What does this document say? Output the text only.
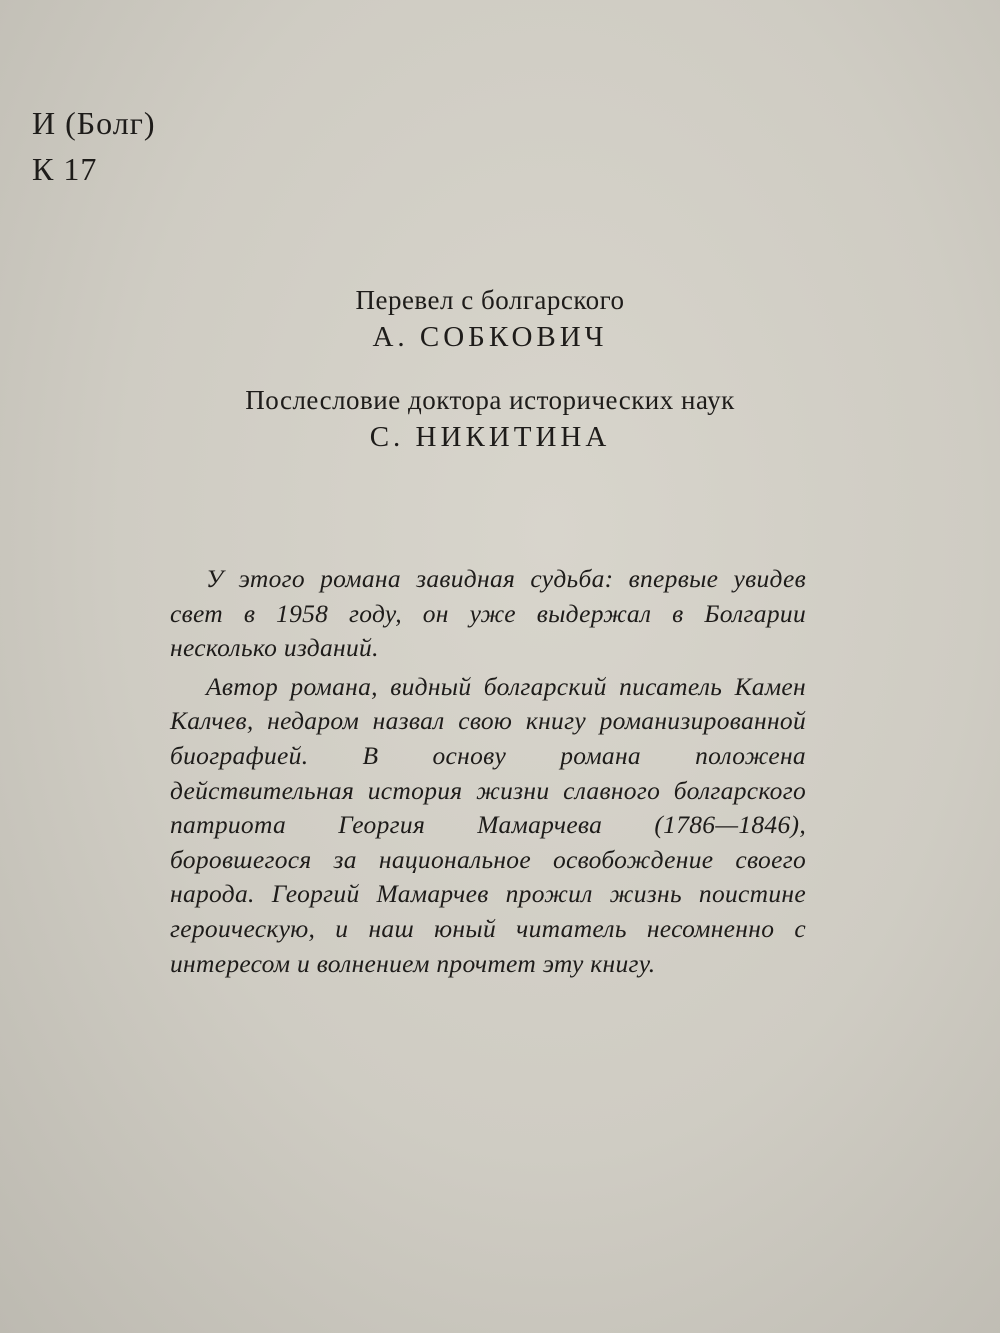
И (Болг)
К 17
Перевел с болгарского
А. СОБКОВИЧ
Послесловие доктора исторических наук
С. НИКИТИНА

У этого романа завидная судьба: впервые увидев свет в 1958 году, он уже выдержал в Болгарии несколько изданий.

Автор романа, видный болгарский писатель Камен Калчев, недаром назвал свою книгу романизированной биографией. В основу романа положена действительная история жизни славного болгарского патриота Георгия Мамарчева (1786—1846), боровшегося за национальное освобождение своего народа. Георгий Мамарчев прожил жизнь поистине героическую, и наш юный читатель несомненно с интересом и волнением прочтет эту книгу.
